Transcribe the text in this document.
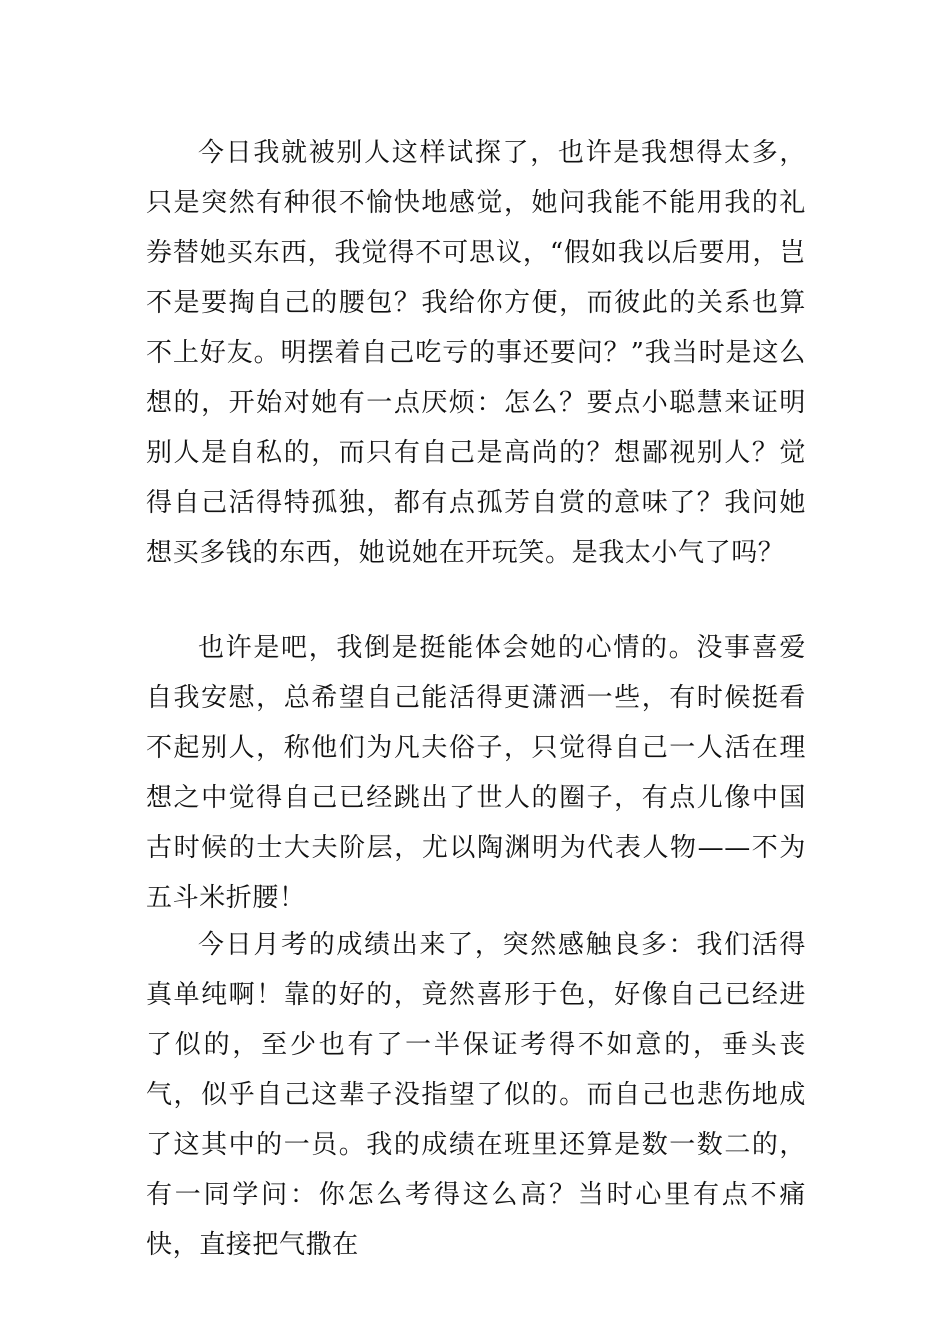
今日我就被别人这样试探了，也许是我想得太多，只是突然有种很不愉快地感觉，她问我能不能用我的礼券替她买东西，我觉得不可思议，“假如我以后要用，岂不是要掏自己的腰包？我给你方便，而彼此的关系也算不上好友。明摆着自己吃亏的事还要问？”我当时是这么想的，开始对她有一点厌烦：怎么？要点小聪慧来证明别人是自私的，而只有自己是高尚的？想鄙视别人？觉得自己活得特孤独，都有点孤芳自赏的意味了？我问她想买多钱的东西，她说她在开玩笑。是我太小气了吗？

也许是吧，我倒是挺能体会她的心情的。没事喜爱自我安慰，总希望自己能活得更潇洒一些，有时候挺看不起别人，称他们为凡夫俗子，只觉得自己一人活在理想之中觉得自己已经跳出了世人的圈子，有点儿像中国古时候的士大夫阶层，尤以陶渊明为代表人物——不为五斗米折腰！

今日月考的成绩出来了，突然感触良多：我们活得真单纯啊！靠的好的，竟然喜形于色，好像自己已经进了似的，至少也有了一半保证考得不如意的，垂头丧气，似乎自己这辈子没指望了似的。而自己也悲伤地成了这其中的一员。我的成绩在班里还算是数一数二的，有一同学问：你怎么考得这么高？当时心里有点不痛快，直接把气撒在
